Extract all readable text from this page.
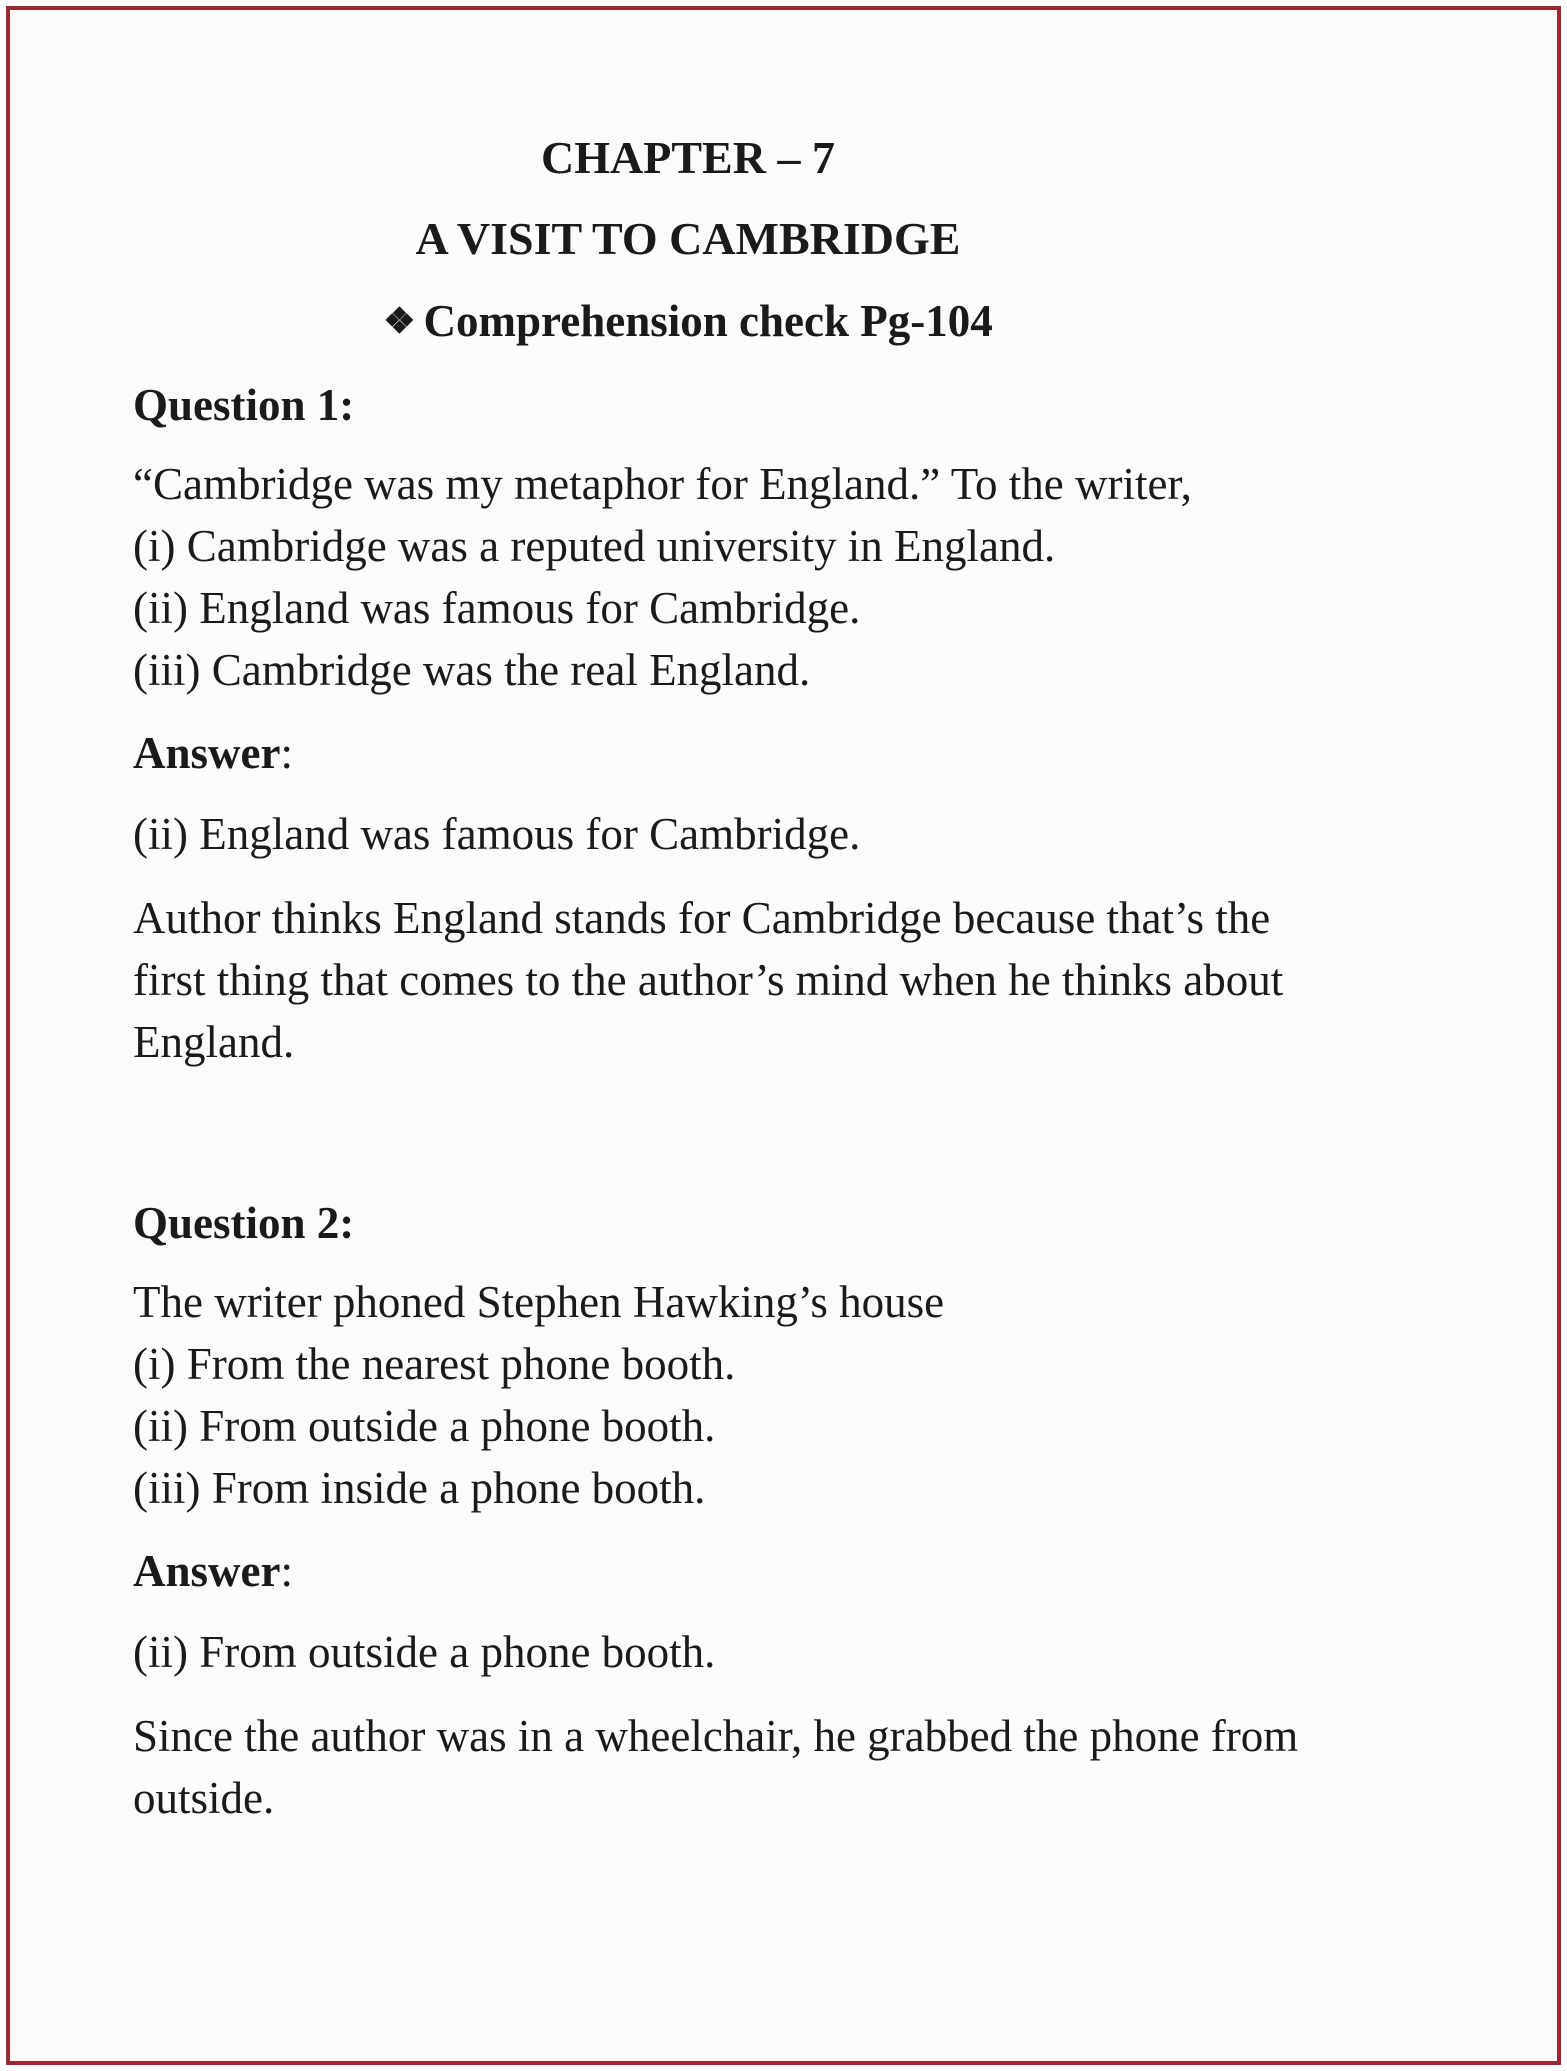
CHAPTER – 7
A VISIT TO CAMBRIDGE
❖ Comprehension check Pg-104
Question 1:
“Cambridge was my metaphor for England.” To the writer,
(i) Cambridge was a reputed university in England.
(ii) England was famous for Cambridge.
(iii) Cambridge was the real England.
Answer:
(ii) England was famous for Cambridge.
Author thinks England stands for Cambridge because that’s the
first thing that comes to the author’s mind when he thinks about
England.
Question 2:
The writer phoned Stephen Hawking’s house
(i) From the nearest phone booth.
(ii) From outside a phone booth.
(iii) From inside a phone booth.
Answer:
(ii) From outside a phone booth.
Since the author was in a wheelchair, he grabbed the phone from
outside.
